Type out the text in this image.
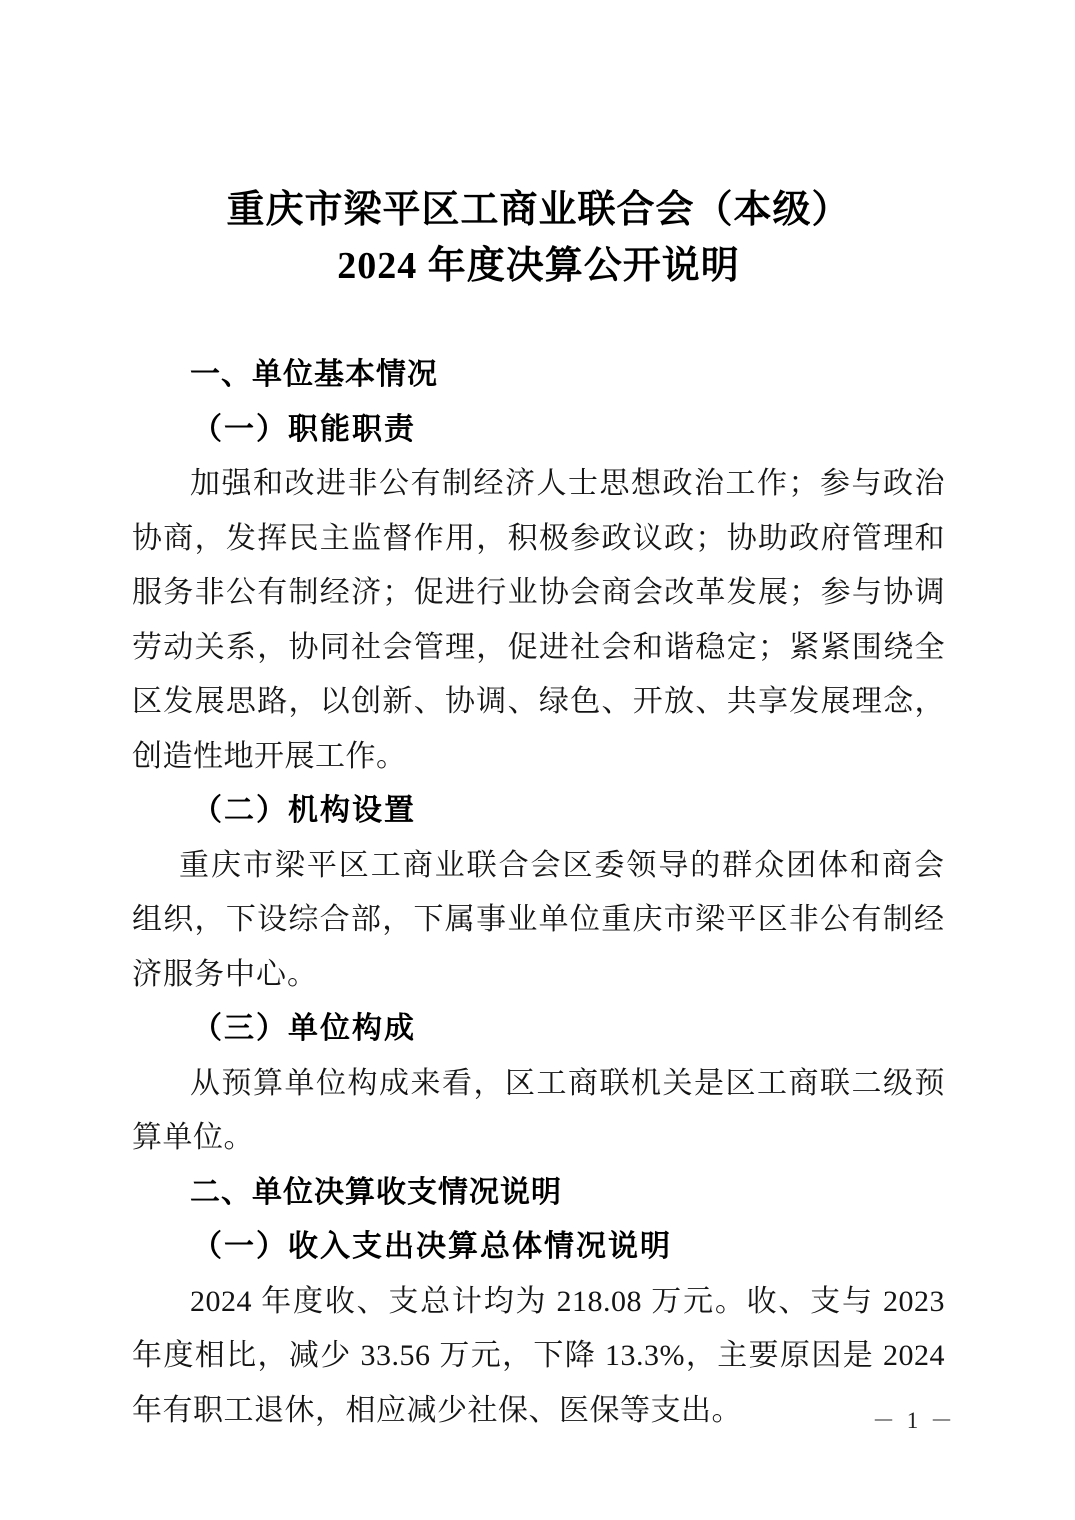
重庆市梁平区工商业联合会（本级）
2024 年度决算公开说明
一、单位基本情况
（一）职能职责

加强和改进非公有制经济人士思想政治工作；参与政治协商，发挥民主监督作用，积极参政议政；协助政府管理和服务非公有制经济；促进行业协会商会改革发展；参与协调劳动关系，协同社会管理，促进社会和谐稳定；紧紧围绕全区发展思路，以创新、协调、绿色、开放、共享发展理念，创造性地开展工作。

（二）机构设置

重庆市梁平区工商业联合会区委领导的群众团体和商会组织，下设综合部，下属事业单位重庆市梁平区非公有制经济服务中心。

（三）单位构成

从预算单位构成来看，区工商联机关是区工商联二级预算单位。

二、单位决算收支情况说明
（一）收入支出决算总体情况说明

2024 年度收、支总计均为 218.08 万元。收、支与 2023 年度相比，减少 33.56 万元，下降 13.3%，主要原因是 2024 年有职工退休，相应减少社保、医保等支出。	－ 1 －
